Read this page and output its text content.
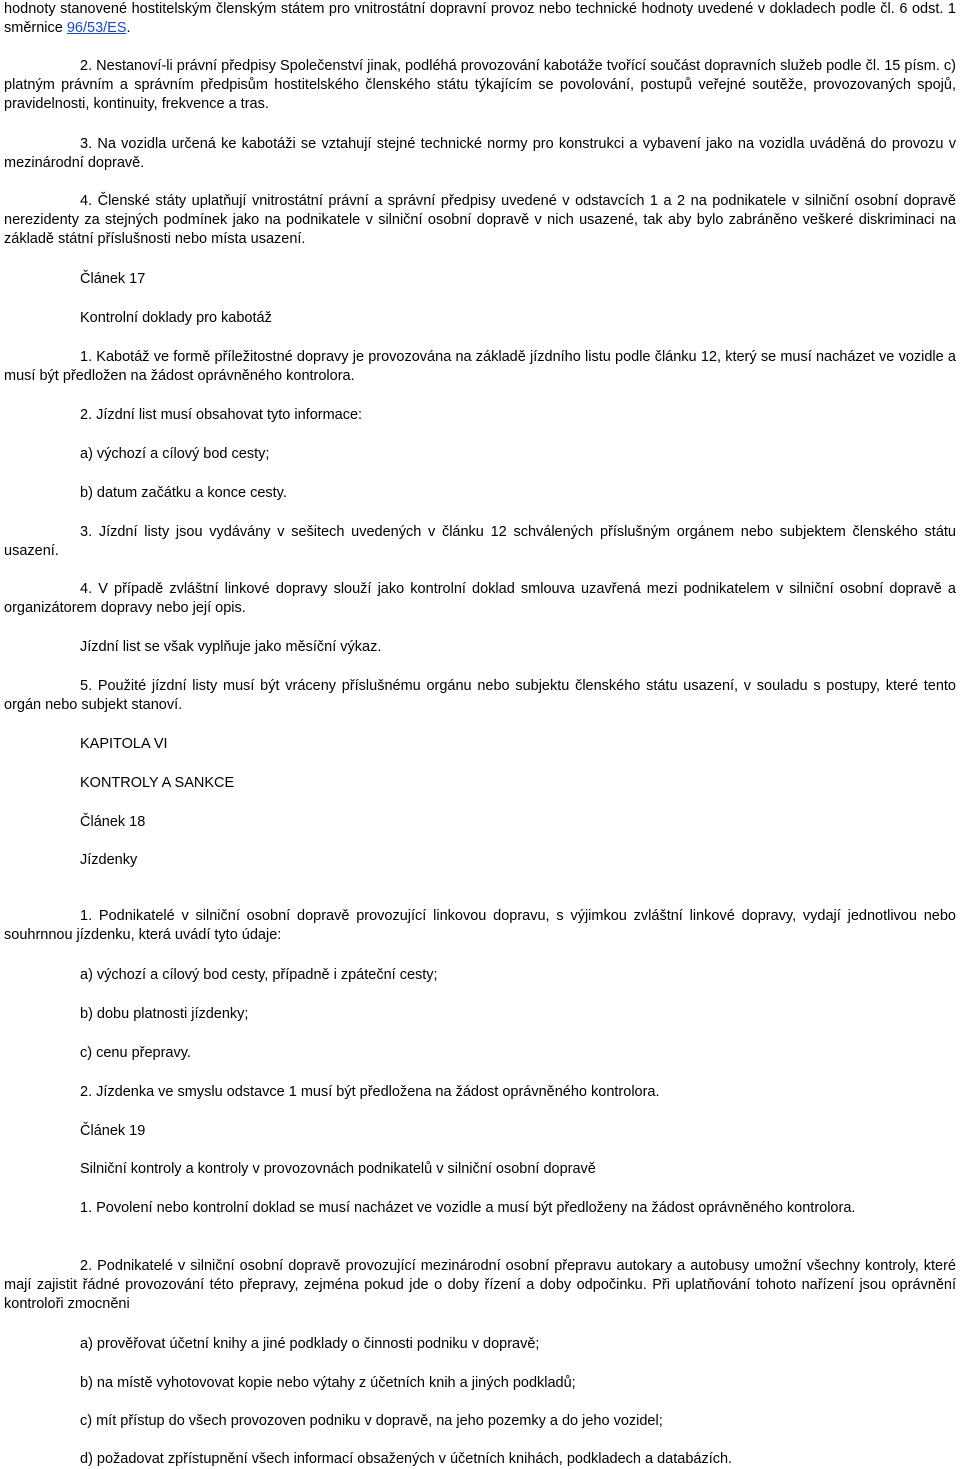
hodnoty stanovené hostitelským členským státem pro vnitrostátní dopravní provoz nebo technické hodnoty uvedené v dokladech podle čl. 6 odst. 1 směrnice 96/53/ES.

2. Nestanoví-li právní předpisy Společenství jinak, podléhá provozování kabotáže tvořící součást dopravních služeb podle čl. 15 písm. c) platným právním a správním předpisům hostitelského členského státu týkajícím se povolování, postupů veřejné soutěže, provozovaných spojů, pravidelnosti, kontinuity, frekvence a tras.

3. Na vozidla určená ke kabotáži se vztahují stejné technické normy pro konstrukci a vybavení jako na vozidla uváděná do provozu v mezinárodní dopravě.

4. Členské státy uplatňují vnitrostátní právní a správní předpisy uvedené v odstavcích 1 a 2 na podnikatele v silniční osobní dopravě nerezidenty za stejných podmínek jako na podnikatele v silniční osobní dopravě v nich usazené, tak aby bylo zabráněno veškeré diskriminaci na základě státní příslušnosti nebo místa usazení.

Článek 17

Kontrolní doklady pro kabotáž

1. Kabotáž ve formě příležitostné dopravy je provozována na základě jízdního listu podle článku 12, který se musí nacházet ve vozidle a musí být předložen na žádost oprávněného kontrolora.

2. Jízdní list musí obsahovat tyto informace:

a) výchozí a cílový bod cesty;

b) datum začátku a konce cesty.

3. Jízdní listy jsou vydávány v sešitech uvedených v článku 12 schválených příslušným orgánem nebo subjektem členského státu usazení.

4. V případě zvláštní linkové dopravy slouží jako kontrolní doklad smlouva uzavřená mezi podnikatelem v silniční osobní dopravě a organizátorem dopravy nebo její opis.

Jízdní list se však vyplňuje jako měsíční výkaz.

5. Použité jízdní listy musí být vráceny příslušnému orgánu nebo subjektu členského státu usazení, v souladu s postupy, které tento orgán nebo subjekt stanoví.

KAPITOLA VI

KONTROLY A SANKCE

Článek 18

Jízdenky

1. Podnikatelé v silniční osobní dopravě provozující linkovou dopravu, s výjimkou zvláštní linkové dopravy, vydají jednotlivou nebo souhrnnou jízdenku, která uvádí tyto údaje:

a) výchozí a cílový bod cesty, případně i zpáteční cesty;

b) dobu platnosti jízdenky;

c) cenu přepravy.

2. Jízdenka ve smyslu odstavce 1 musí být předložena na žádost oprávněného kontrolora.

Článek 19

Silniční kontroly a kontroly v provozovnách podnikatelů v silniční osobní dopravě

1. Povolení nebo kontrolní doklad se musí nacházet ve vozidle a musí být předloženy na žádost oprávněného kontrolora.

2. Podnikatelé v silniční osobní dopravě provozující mezinárodní osobní přepravu autokary a autobusy umožní všechny kontroly, které mají zajistit řádné provozování této přepravy, zejména pokud jde o doby řízení a doby odpočinku. Při uplatňování tohoto nařízení jsou oprávnění kontroloři zmocněni

a) prověřovat účetní knihy a jiné podklady o činnosti podniku v dopravě;

b) na místě vyhotovovat kopie nebo výtahy z účetních knih a jiných podkladů;

c) mít přístup do všech provozoven podniku v dopravě, na jeho pozemky a do jeho vozidel;

d) požadovat zpřístupnění všech informací obsažených v účetních knihách, podkladech a databázích.
